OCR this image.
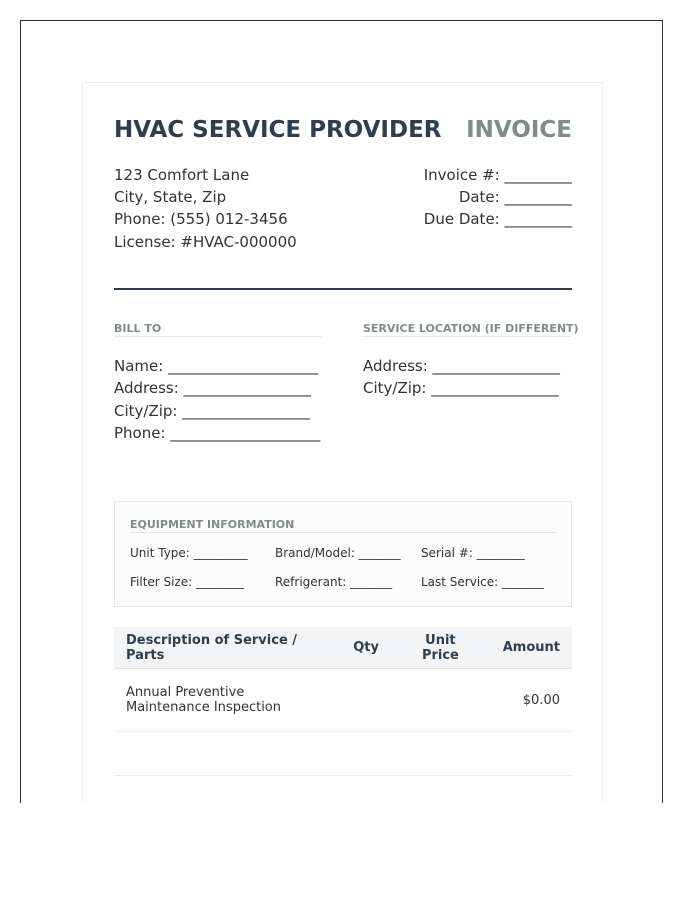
HVAC SERVICE PROVIDER INVOICE
123 Comfort Lane
City, State, Zip
Phone: (555) 012-3456
License: #HVAC-000000
Invoice #: _________
Date: _________
Due Date: _________
BILL TO
Name: ____________________
Address: _________________
City/Zip: _________________
Phone: ____________________
SERVICE LOCATION (IF DIFFERENT)
Address: _________________
City/Zip: _________________
EQUIPMENT INFORMATION
Unit Type: _________ Brand/Model: _______ Serial #: ________
Filter Size: ________	Refrigerant: _______ Last Service: _______
Description of Service / Parts	Qty	Unit Price	Amount
Annual Preventive Maintenance Inspection			$0.00
